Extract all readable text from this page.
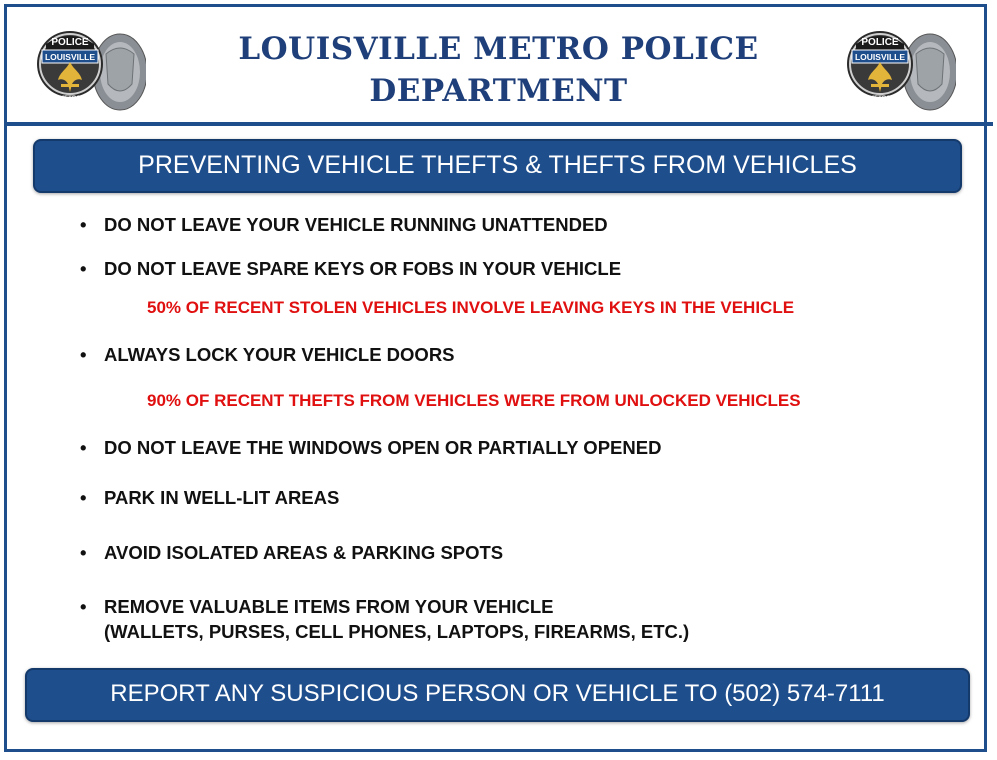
POLICE
LOUISVILLE
METRO
POLICE
LOUISVILLE
METRO
LOUISVILLE METRO POLICE
DEPARTMENT
PREVENTING VEHICLE THEFTS & THEFTS FROM VEHICLES
• DO NOT LEAVE YOUR VEHICLE RUNNING UNATTENDED
• DO NOT LEAVE SPARE KEYS OR FOBS IN YOUR VEHICLE
50% OF RECENT STOLEN VEHICLES INVOLVE LEAVING KEYS IN THE VEHICLE
• ALWAYS LOCK YOUR VEHICLE DOORS
90% OF RECENT THEFTS FROM VEHICLES WERE FROM UNLOCKED VEHICLES
• DO NOT LEAVE THE WINDOWS OPEN OR PARTIALLY OPENED
• PARK IN WELL-LIT AREAS
• AVOID ISOLATED AREAS & PARKING SPOTS
• REMOVE VALUABLE ITEMS FROM YOUR VEHICLE
(WALLETS, PURSES, CELL PHONES, LAPTOPS, FIREARMS, ETC.)
REPORT ANY SUSPICIOUS PERSON OR VEHICLE TO (502) 574-7111
